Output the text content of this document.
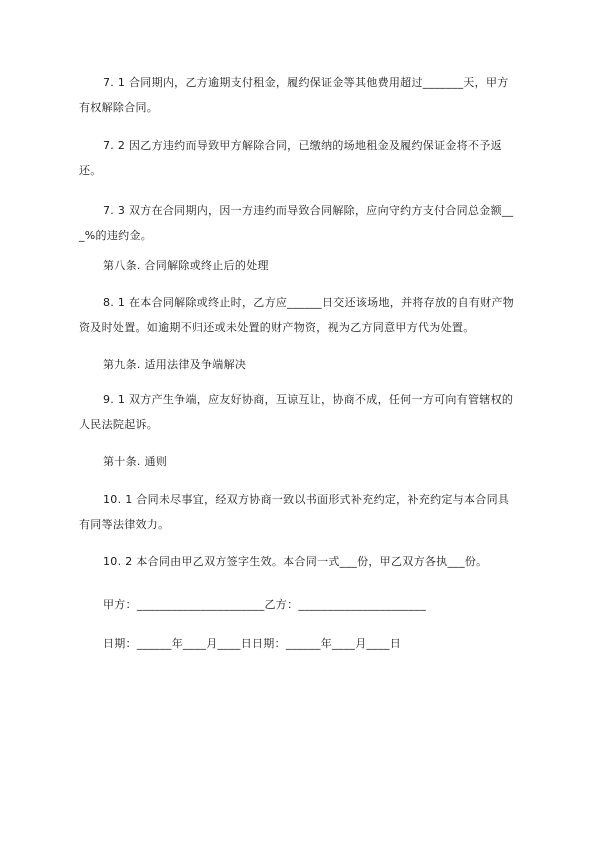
7. 1 合同期内，乙方逾期支付租金，履约保证金等其他费用超过_______天，甲方有权解除合同。

7. 2 因乙方违约而导致甲方解除合同，已缴纳的场地租金及履约保证金将不予返还。

7. 3 双方在合同期内，因一方违约而导致合同解除，应向守约方支付合同总金额___%的违约金。

第八条. 合同解除或终止后的处理

8. 1 在本合同解除或终止时，乙方应______日交还该场地，并将存放的自有财产物资及时处置。如逾期不归还或未处置的财产物资，视为乙方同意甲方代为处置。

第九条. 适用法律及争端解决

9. 1 双方产生争端，应友好协商，互谅互让，协商不成，任何一方可向有管辖权的人民法院起诉。

第十条. 通则

10. 1 合同未尽事宜，经双方协商一致以书面形式补充约定，补充约定与本合同具有同等法律效力。

10. 2 本合同由甲乙双方签字生效。本合同一式___份，甲乙双方各执___份。

甲方：______________________乙方：______________________

日期：______年____月____日日期：______年____月____日
